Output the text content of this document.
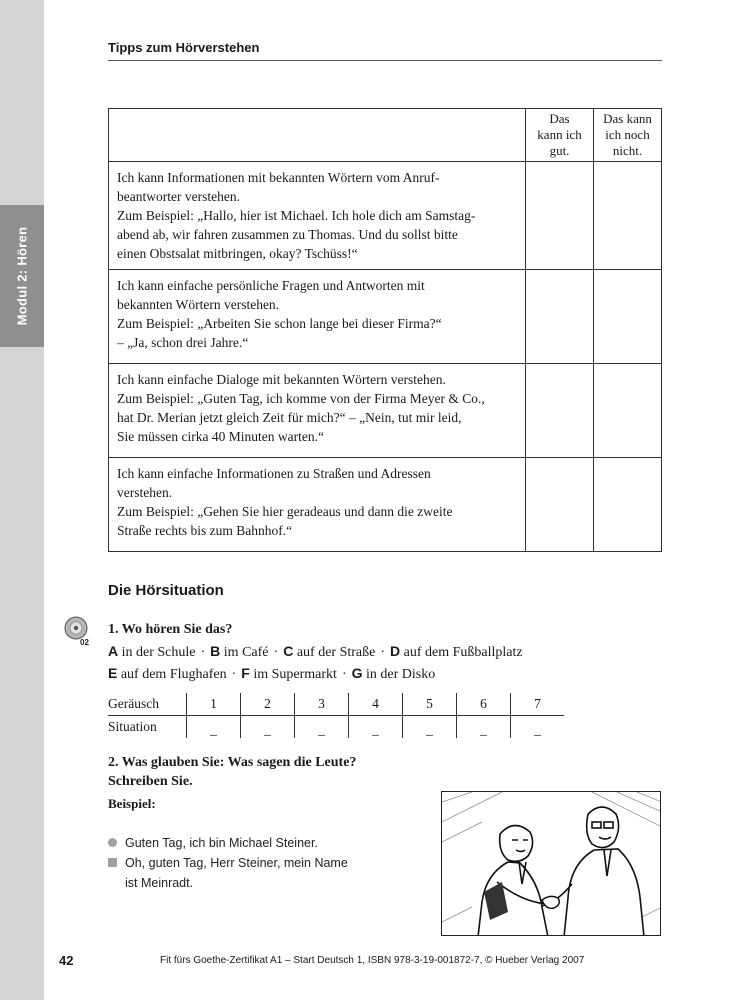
Modul 2: Hören
Tipps zum Hörverstehen

	Das
kann ich
gut.	Das kann
ich noch
nicht.

Ich kann Informationen mit bekannten Wörtern vom Anruf-
beantworter verstehen.
Zum Beispiel: „Hallo, hier ist Michael. Ich hole dich am Samstag-
abend ab, wir fahren zusammen zu Thomas. Und du sollst bitte
einen Obstsalat mitbringen, okay? Tschüss!“		

Ich kann einfache persönliche Fragen und Antworten mit
bekannten Wörtern verstehen.
Zum Beispiel: „Arbeiten Sie schon lange bei dieser Firma?“
– „Ja, schon drei Jahre.“		

Ich kann einfache Dialoge mit bekannten Wörtern verstehen.
Zum Beispiel: „Guten Tag, ich komme von der Firma Meyer & Co.,
hat Dr. Merian jetzt gleich Zeit für mich?“ – „Nein, tut mir leid,
Sie müssen cirka 40 Minuten warten.“		

Ich kann einfache Informationen zu Straßen und Adressen
verstehen.
Zum Beispiel: „Gehen Sie hier geradeaus und dann die zweite
Straße rechts bis zum Bahnhof.“		

Die Hörsituation
02
1. Wo hören Sie das?
A in der Schule · B im Café · C auf der Straße · D auf dem Fußballplatz
E auf dem Flughafen · F im Supermarkt · G in der Disko
Geräusch	1	2	3	4	5	6	7
Situation	_	_	_	_	_	_	_
2. Was glauben Sie: Was sagen die Leute?
Schreiben Sie.
Beispiel:
Guten Tag, ich bin Michael Steiner.
Oh, guten Tag, Herr Steiner, mein Name
ist Meinradt.
42	Fit fürs Goethe-Zertifikat A1 – Start Deutsch 1, ISBN 978-3-19-001872-7, © Hueber Verlag 2007
